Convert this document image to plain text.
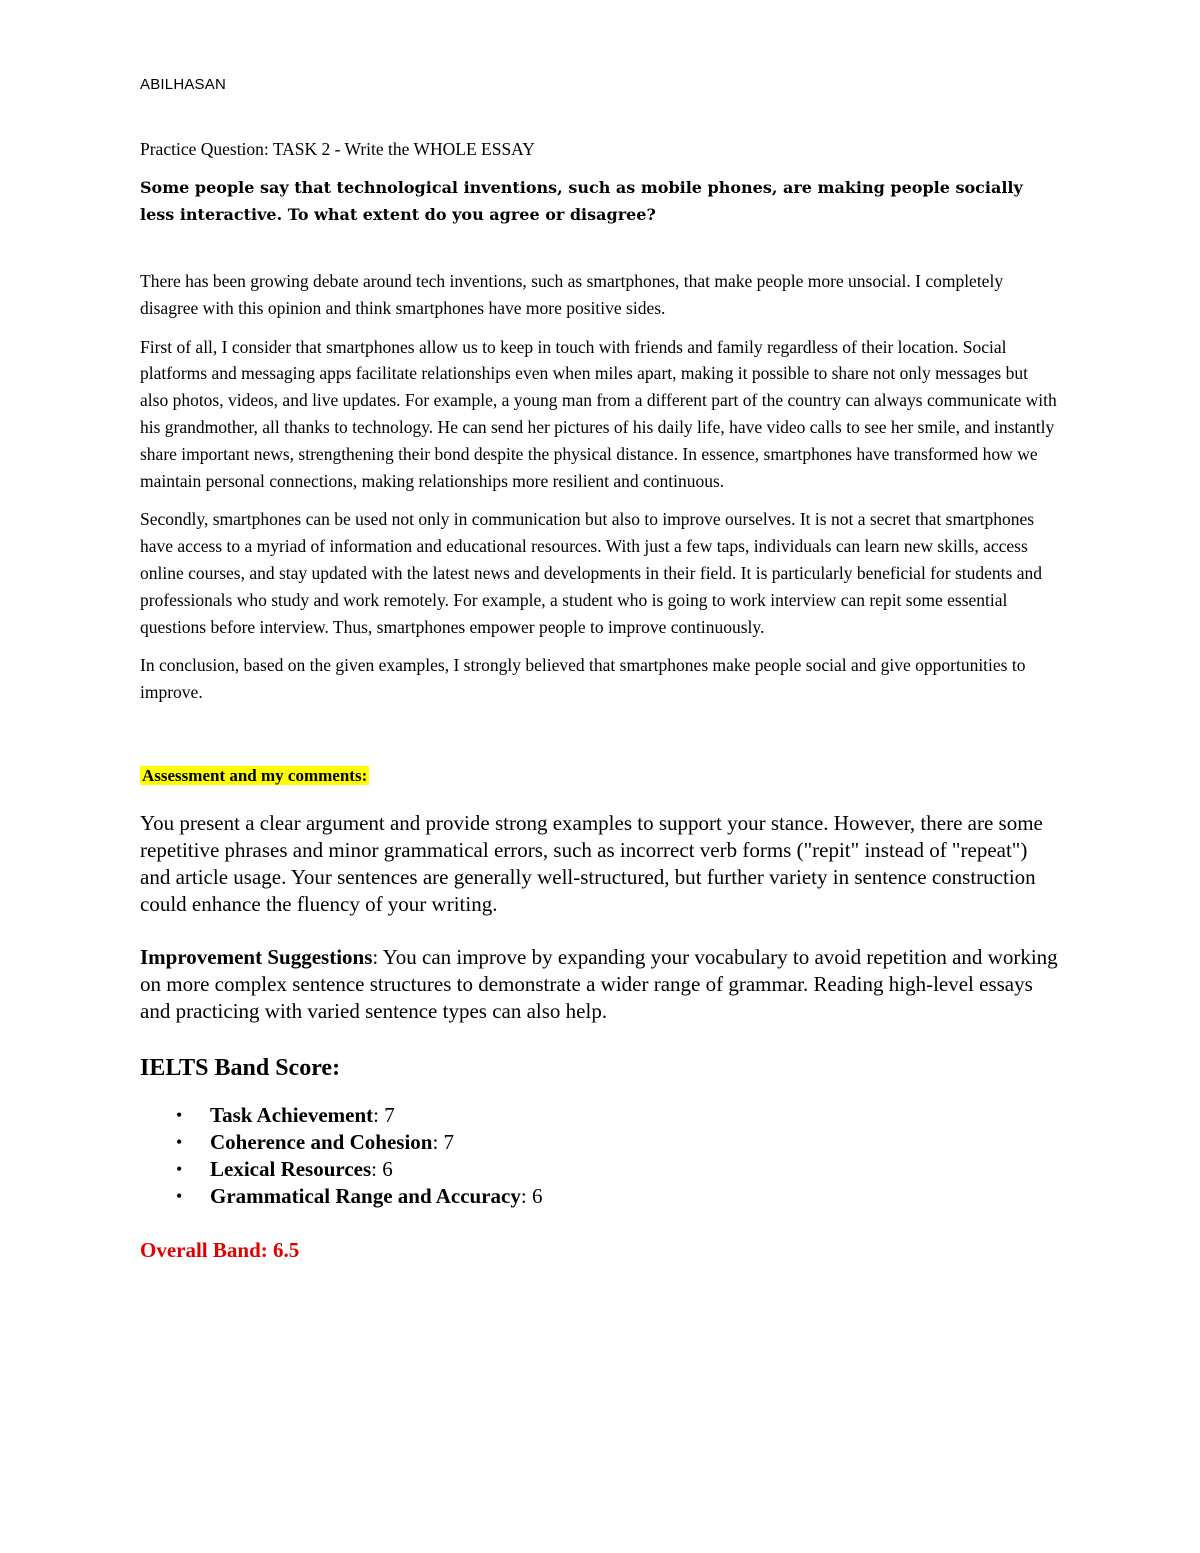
ABILHASAN

Practice Question: TASK 2 - Write the WHOLE ESSAY

Some people say that technological inventions, such as mobile phones, are making people socially less interactive. To what extent do you agree or disagree?

There has been growing debate around tech inventions, such as smartphones, that make people more unsocial. I completely disagree with this opinion and think smartphones have more positive sides.

First of all, I consider that smartphones allow us to keep in touch with friends and family regardless of their location. Social platforms and messaging apps facilitate relationships even when miles apart, making it possible to share not only messages but also photos, videos, and live updates. For example, a young man from a different part of the country can always communicate with his grandmother, all thanks to technology. He can send her pictures of his daily life, have video calls to see her smile, and instantly share important news, strengthening their bond despite the physical distance. In essence, smartphones have transformed how we maintain personal connections, making relationships more resilient and continuous.

Secondly, smartphones can be used not only in communication but also to improve ourselves. It is not a secret that smartphones have access to a myriad of information and educational resources. With just a few taps, individuals can learn new skills, access online courses, and stay updated with the latest news and developments in their field. It is particularly beneficial for students and professionals who study and work remotely. For example, a student who is going to work interview can repit some essential questions before interview. Thus, smartphones empower people to improve continuously.

In conclusion, based on the given examples, I strongly believed that smartphones make people social and give opportunities to improve.

Assessment and my comments:

You present a clear argument and provide strong examples to support your stance. However, there are some repetitive phrases and minor grammatical errors, such as incorrect verb forms ("repit" instead of "repeat") and article usage. Your sentences are generally well-structured, but further variety in sentence construction could enhance the fluency of your writing.

Improvement Suggestions: You can improve by expanding your vocabulary to avoid repetition and working on more complex sentence structures to demonstrate a wider range of grammar. Reading high-level essays and practicing with varied sentence types can also help.

IELTS Band Score:

• Task Achievement: 7
• Coherence and Cohesion: 7
• Lexical Resources: 6
• Grammatical Range and Accuracy: 6

Overall Band: 6.5
